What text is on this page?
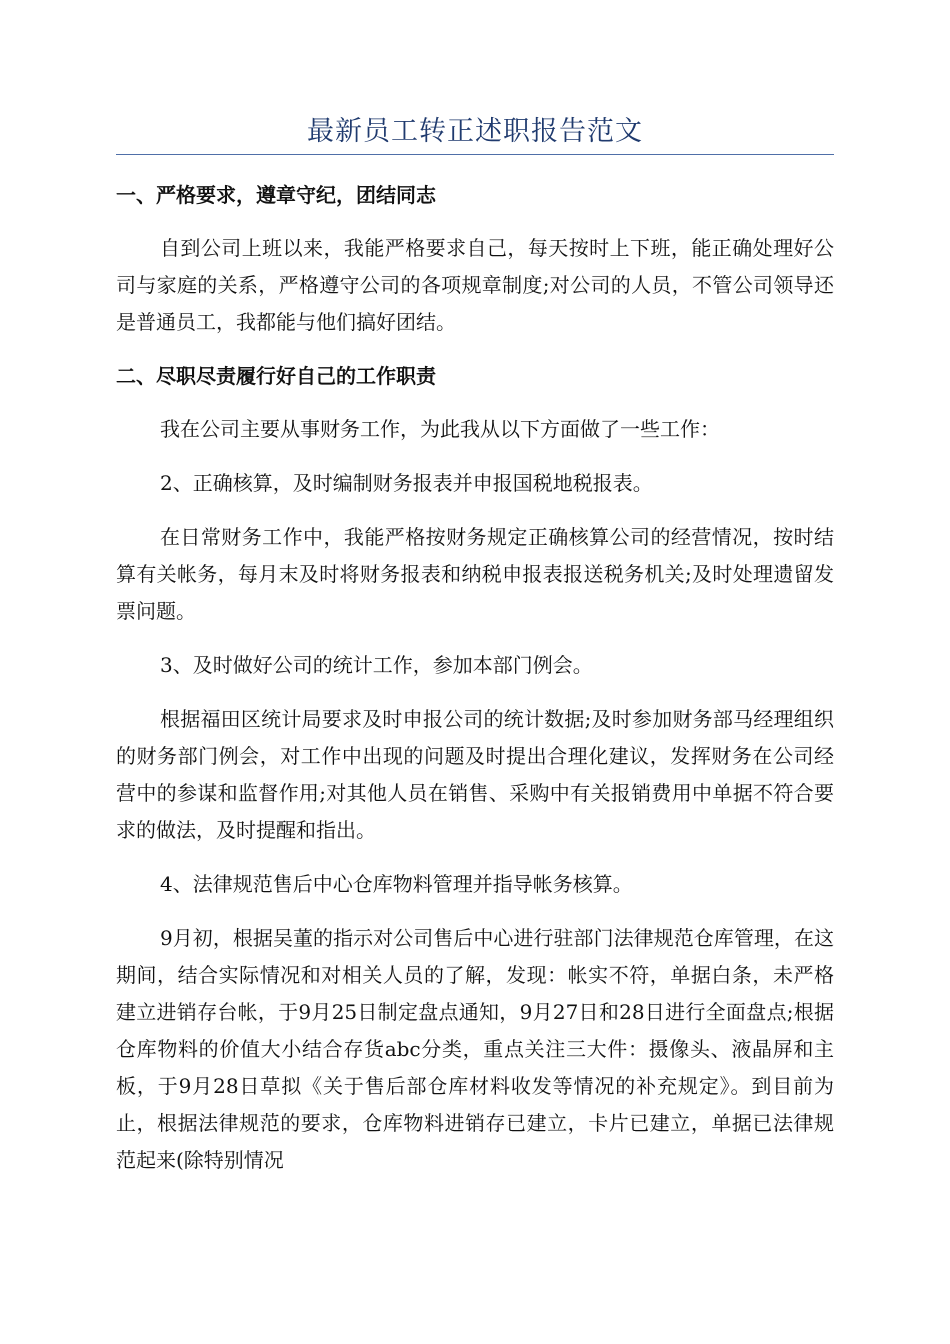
最新员工转正述职报告范文

一、严格要求，遵章守纪，团结同志

自到公司上班以来，我能严格要求自己，每天按时上下班，能正确处理好公司与家庭的关系，严格遵守公司的各项规章制度;对公司的人员，不管公司领导还是普通员工，我都能与他们搞好团结。

二、尽职尽责履行好自己的工作职责

我在公司主要从事财务工作，为此我从以下方面做了一些工作：

2、正确核算，及时编制财务报表并申报国税地税报表。

在日常财务工作中，我能严格按财务规定正确核算公司的经营情况，按时结算有关帐务，每月末及时将财务报表和纳税申报表报送税务机关;及时处理遗留发票问题。

3、及时做好公司的统计工作，参加本部门例会。

根据福田区统计局要求及时申报公司的统计数据;及时参加财务部马经理组织的财务部门例会，对工作中出现的问题及时提出合理化建议，发挥财务在公司经营中的参谋和监督作用;对其他人员在销售、采购中有关报销费用中单据不符合要求的做法，及时提醒和指出。

4、法律规范售后中心仓库物料管理并指导帐务核算。

9月初，根据吴董的指示对公司售后中心进行驻部门法律规范仓库管理，在这期间，结合实际情况和对相关人员的了解，发现：帐实不符，单据白条，未严格建立进销存台帐，于9月25日制定盘点通知，9月27日和28日进行全面盘点;根据仓库物料的价值大小结合存货abc分类，重点关注三大件：摄像头、液晶屏和主板，于9月28日草拟《关于售后部仓库材料收发等情况的补充规定》。到目前为止，根据法律规范的要求，仓库物料进销存已建立，卡片已建立，单据已法律规范起来(除特别情况
